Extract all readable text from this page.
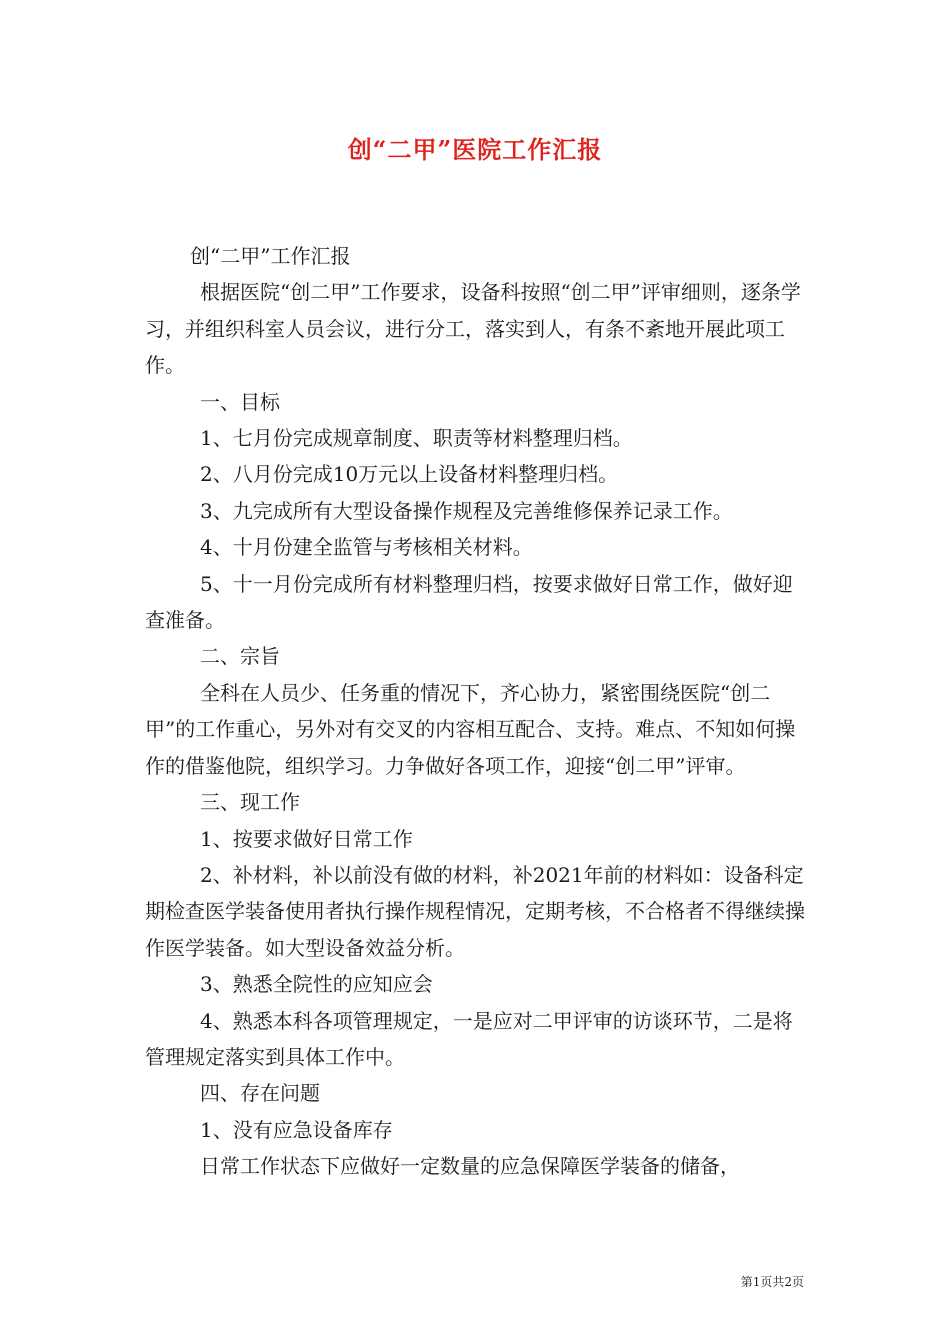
创“二甲”医院工作汇报

创“二甲”工作汇报

根据医院“创二甲”工作要求，设备科按照“创二甲”评审细则，逐条学习，并组织科室人员会议，进行分工，落实到人，有条不紊地开展此项工作。

一、目标

1、七月份完成规章制度、职责等材料整理归档。

2、八月份完成10万元以上设备材料整理归档。

3、九完成所有大型设备操作规程及完善维修保养记录工作。

4、十月份建全监管与考核相关材料。

5、十一月份完成所有材料整理归档，按要求做好日常工作，做好迎查准备。

二、宗旨

全科在人员少、任务重的情况下，齐心协力，紧密围绕医院“创二甲”的工作重心，另外对有交叉的内容相互配合、支持。难点、不知如何操作的借鉴他院，组织学习。力争做好各项工作，迎接“创二甲”评审。

三、现工作

1、按要求做好日常工作

2、补材料，补以前没有做的材料，补2021年前的材料如：设备科定期检查医学装备使用者执行操作规程情况，定期考核，不合格者不得继续操作医学装备。如大型设备效益分析。

3、熟悉全院性的应知应会

4、熟悉本科各项管理规定，一是应对二甲评审的访谈环节，二是将管理规定落实到具体工作中。

四、存在问题

1、没有应急设备库存

日常工作状态下应做好一定数量的应急保障医学装备的储备，

第1页共2页
